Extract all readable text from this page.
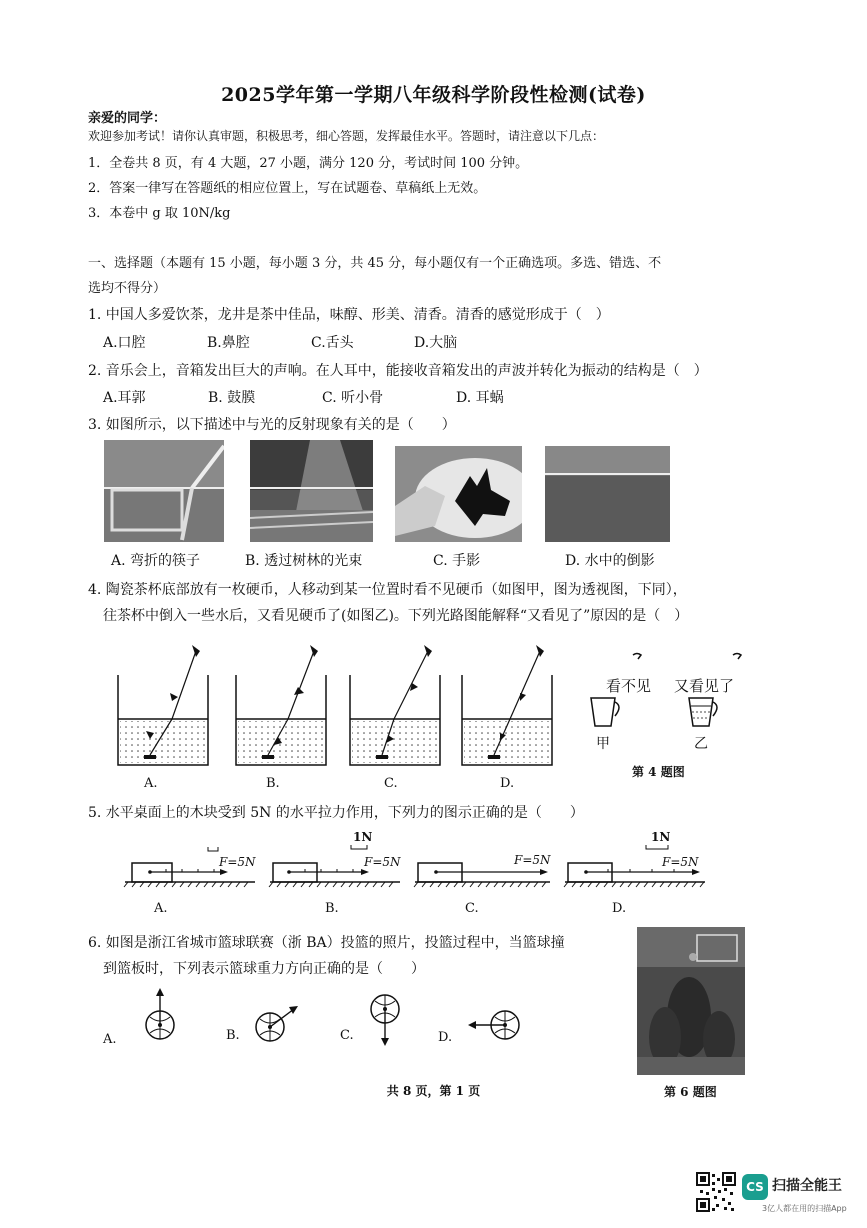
2025学年第一学期八年级科学阶段性检测(试卷)
亲爱的同学：
欢迎参加考试！请你认真审题，积极思考，细心答题，发挥最佳水平。答题时，请注意以下几点：
1．全卷共 8 页，有 4 大题，27 小题，满分 120 分，考试时间 100 分钟。
2．答案一律写在答题纸的相应位置上，写在试题卷、草稿纸上无效。
3．本卷中 g 取 10N/kg
一、选择题（本题有 15 小题，每小题 3 分，共 45 分，每小题仅有一个正确选项。多选、错选、不
选均不得分）
1. 中国人多爱饮茶，龙井是茶中佳品，味醇、形美、清香。清香的感觉形成于（　）
A.口腔	B.鼻腔	C.舌头	D.大脑
2. 音乐会上，音箱发出巨大的声响。在人耳中，能接收音箱发出的声波并转化为振动的结构是（　）
A.耳郭	B. 鼓膜	C. 听小骨	D. 耳蜗
3. 如图所示，以下描述中与光的反射现象有关的是（　　）
A. 弯折的筷子	B. 透过树林的光束	C. 手影	D. 水中的倒影
4. 陶瓷茶杯底部放有一枚硬币，人移动到某一位置时看不见硬币（如图甲，图为透视图，下同），
往茶杯中倒入一些水后，又看见硬币了(如图乙)。下列光路图能解释“又看见了”原因的是（　）
A.	B.	C.	D.
看不见 又看见了
甲	乙
第 4 题图
5. 水平桌面上的木块受到 5N 的水平拉力作用，下列力的图示正确的是（　　）
F=5N
1N
F=5N	F=5N
1N
F=5N
A.	B.	C.	D.
6. 如图是浙江省城市篮球联赛（浙 BA）投篮的照片，投篮过程中，当篮球撞
到篮板时，下列表示篮球重力方向正确的是（　　）
A.	B.	C.	D.
第 6 题图
共 8 页，第 1 页
CS 扫描全能王
3亿人都在用的扫描App
